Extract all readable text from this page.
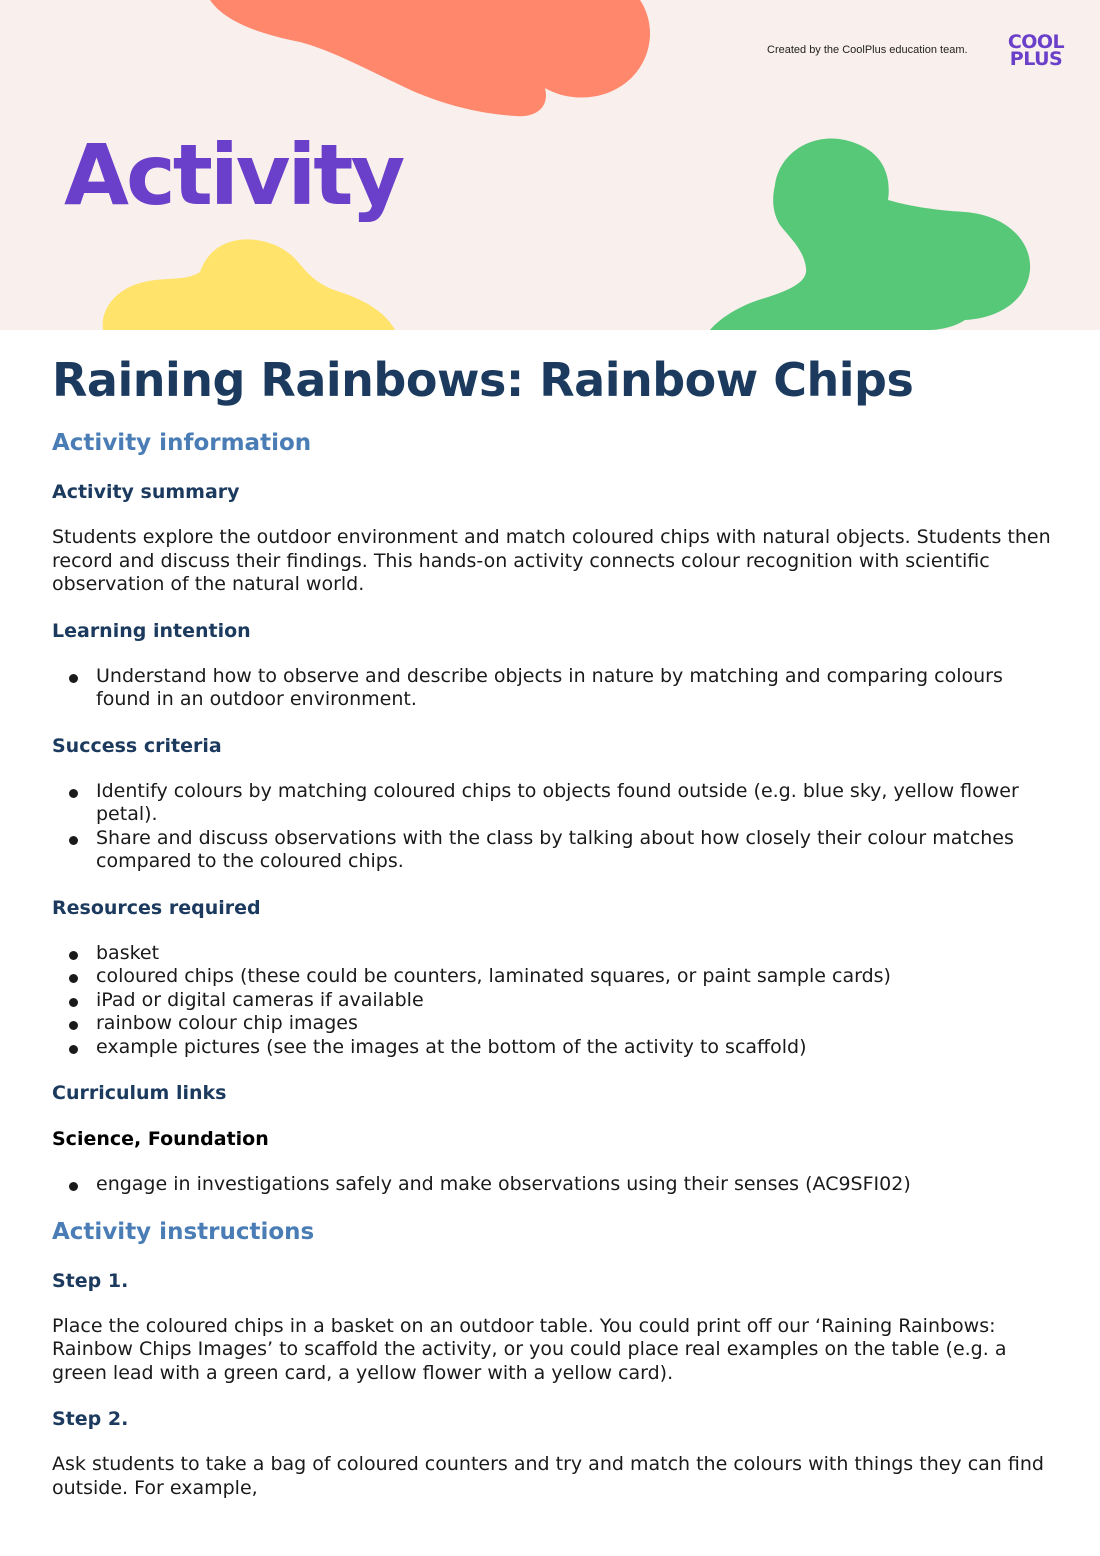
Created by the CoolPlus education team. COOL
PLUS
Activity
Raining Rainbows: Rainbow Chips
Activity information
Activity summary

Students explore the outdoor environment and match coloured chips with natural objects. Students then record and discuss their findings. This hands-on activity connects colour recognition with scientific observation of the natural world.

Learning intention
Understand how to observe and describe objects in nature by matching and comparing colours found in an outdoor environment.
Success criteria
Identify colours by matching coloured chips to objects found outside (e.g. blue sky, yellow flower petal).
Share and discuss observations with the class by talking about how closely their colour matches compared to the coloured chips.
Resources required
basket
coloured chips (these could be counters, laminated squares, or paint sample cards)
iPad or digital cameras if available
rainbow colour chip images
example pictures (see the images at the bottom of the activity to scaffold)
Curriculum links
Science, Foundation
engage in investigations safely and make observations using their senses (AC9SFI02)
Activity instructions
Step 1.

Place the coloured chips in a basket on an outdoor table. You could print off our ‘Raining Rainbows: Rainbow Chips Images’ to scaffold the activity, or you could place real examples on the table (e.g. a green lead with a green card, a yellow flower with a yellow card).

Step 2.

Ask students to take a bag of coloured counters and try and match the colours with things they can find outside. For example,
